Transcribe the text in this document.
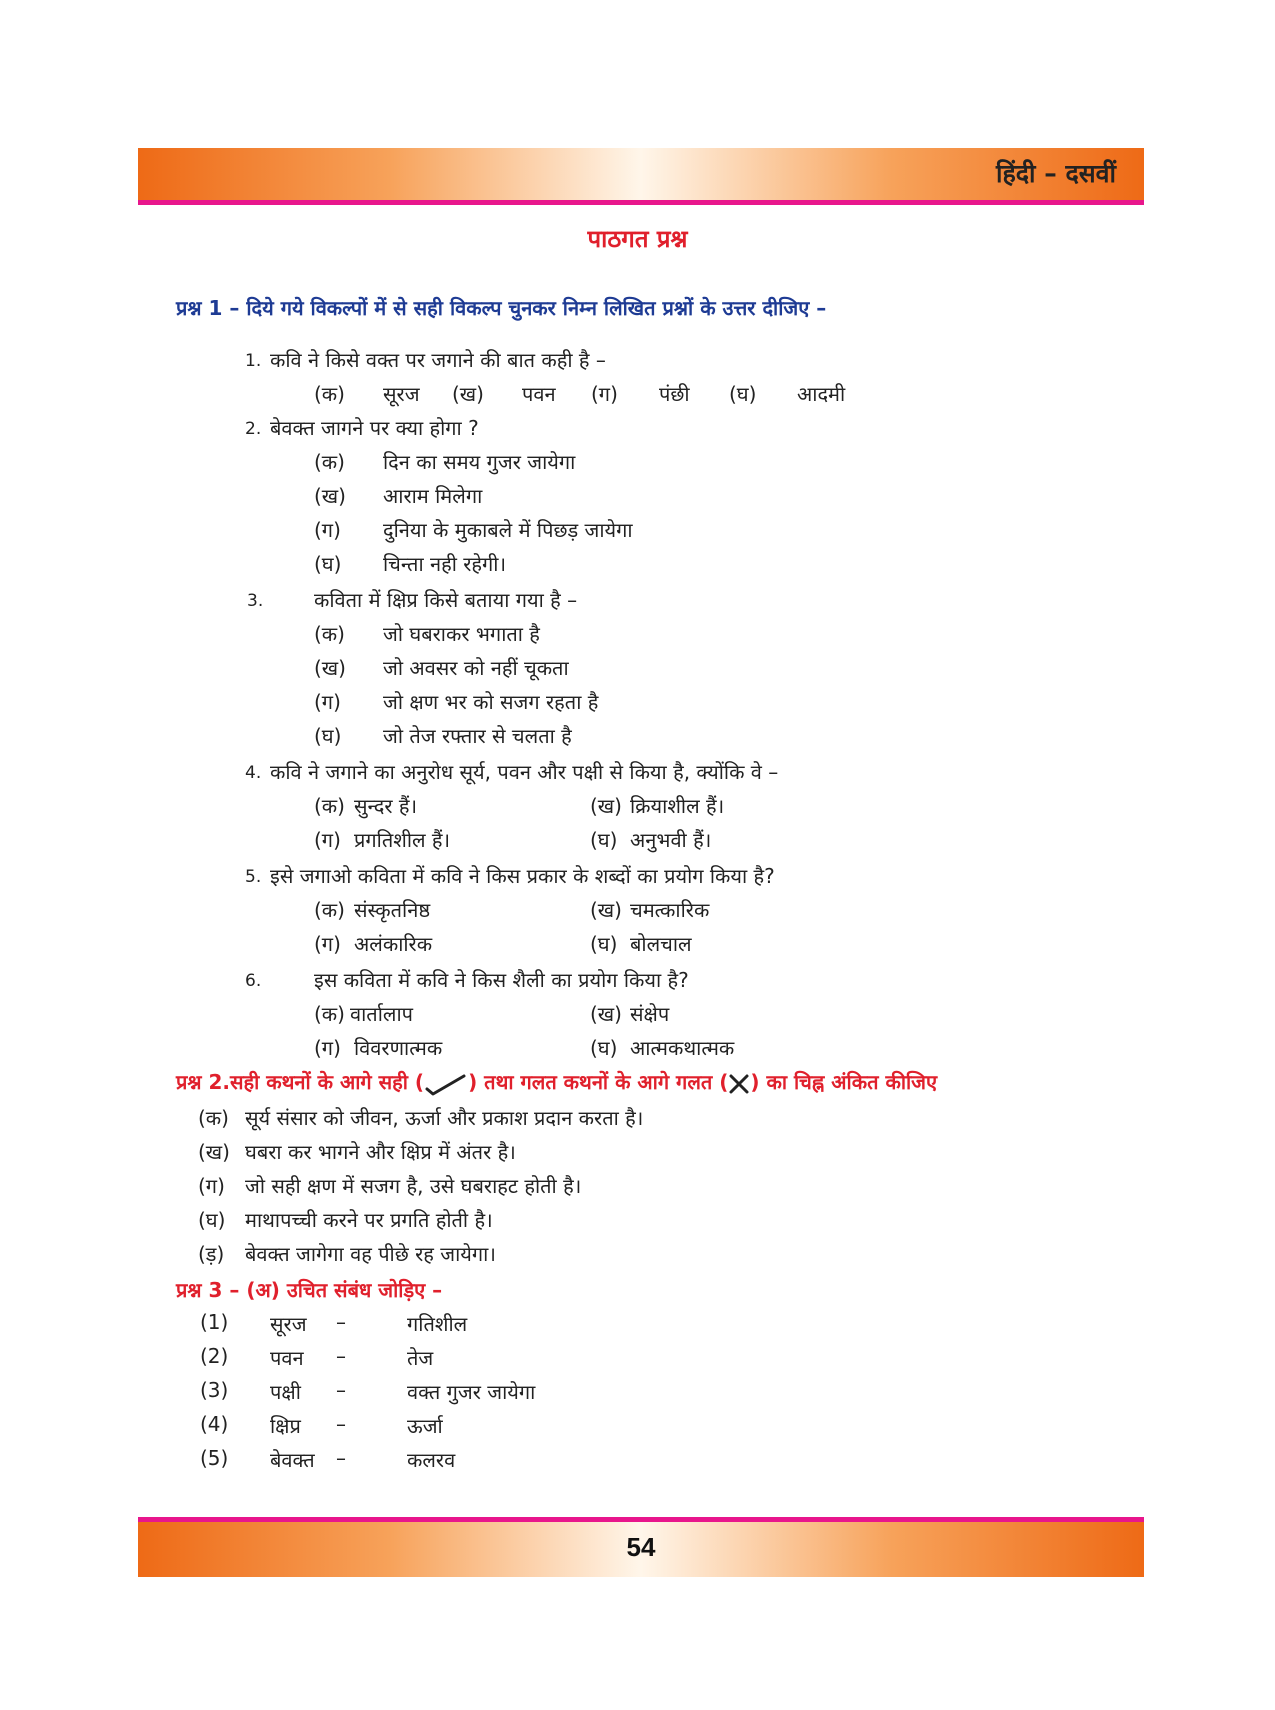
हिंदी – दसवीं
पाठगत प्रश्न
प्रश्न 1 – दिये गये विकल्पों में से सही विकल्प चुनकर निम्न लिखित प्रश्नों के उत्तर दीजिए –
1. कवि ने किसे वक्त पर जगाने की बात कही है –
(क) सूरज (ख) पवन (ग) पंछी (घ) आदमी
2. बेवक्त जागने पर क्या होगा ?
(क) दिन का समय गुजर जायेगा
(ख) आराम मिलेगा
(ग) दुनिया के मुकाबले में पिछड़ जायेगा
(घ) चिन्ता नही रहेगी।
3.	कविता में क्षिप्र किसे बताया गया है –
(क) जो घबराकर भगाता है
(ख) जो अवसर को नहीं चूकता
(ग) जो क्षण भर को सजग रहता है
(घ) जो तेज रफ्तार से चलता है
4. कवि ने जगाने का अनुरोध सूर्य, पवन और पक्षी से किया है, क्योंकि वे –
(क) सुन्दर हैं।	(ख) क्रियाशील हैं।
(ग) प्रगतिशील हैं।	(घ) अनुभवी हैं।
5. इसे जगाओ कविता में कवि ने किस प्रकार के शब्दों का प्रयोग किया है?
(क) संस्कृतनिष्ठ	(ख) चमत्कारिक
(ग) अलंकारिक	(घ) बोलचाल
6.	इस कविता में कवि ने किस शैली का प्रयोग किया है?
(क) वार्तालाप	(ख) संक्षेप
(ग) विवरणात्मक	(घ) आत्मकथात्मक
प्रश्न 2.सही कथनों के आगे सही ( ) तथा गलत कथनों के आगे गलत ( ) का चिह्न अंकित कीजिए
(क) सूर्य संसार को जीवन, ऊर्जा और प्रकाश प्रदान करता है।
(ख) घबरा कर भागने और क्षिप्र में अंतर है।
(ग) जो सही क्षण में सजग है, उसे घबराहट होती है।
(घ) माथापच्ची करने पर प्रगति होती है।
(ड़) बेवक्त जागेगा वह पीछे रह जायेगा।
प्रश्न 3 – (अ) उचित संबंध जोड़िए –
(1) सूरज –	गतिशील
(2) पवन –	तेज
(3) पक्षी –	वक्त गुजर जायेगा
(4) क्षिप्र –	ऊर्जा
(5) बेवक्त –	कलरव
54
